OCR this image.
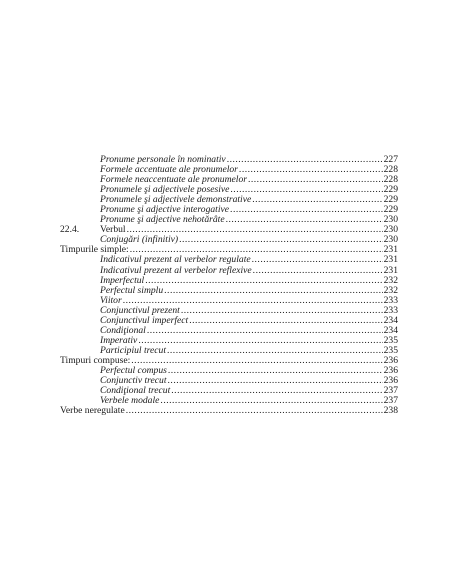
Pronume personale în nominativ .....	227
Formele accentuate ale pronumelor .....	228
Formele neaccentuate ale pronumelor .....	228
Pronumele şi adjectivele posesive .....	229
Pronumele şi adjectivele demonstrative .....	229
Pronume şi adjective interogative .....	229
Pronume şi adjective nehotărâte .....	230
22.4. Verbul .....	230
Conjugări (infinitiv) .....	230
Timpurile simple: .....	231
Indicativul prezent al verbelor regulate .....	231
Indicativul prezent al verbelor reflexive .....	231
Imperfectul .....	232
Perfectul simplu .....	232
Viitor .....	233
Conjunctivul prezent .....	233
Conjunctivul imperfect .....	234
Condiţional .....	234
Imperativ .....	235
Participiul trecut .....	235
Timpuri compuse: .....	236
Perfectul compus .....	236
Conjunctiv trecut .....	236
Condiţional trecut .....	237
Verbele modale .....	237
Verbe neregulate .....	238
